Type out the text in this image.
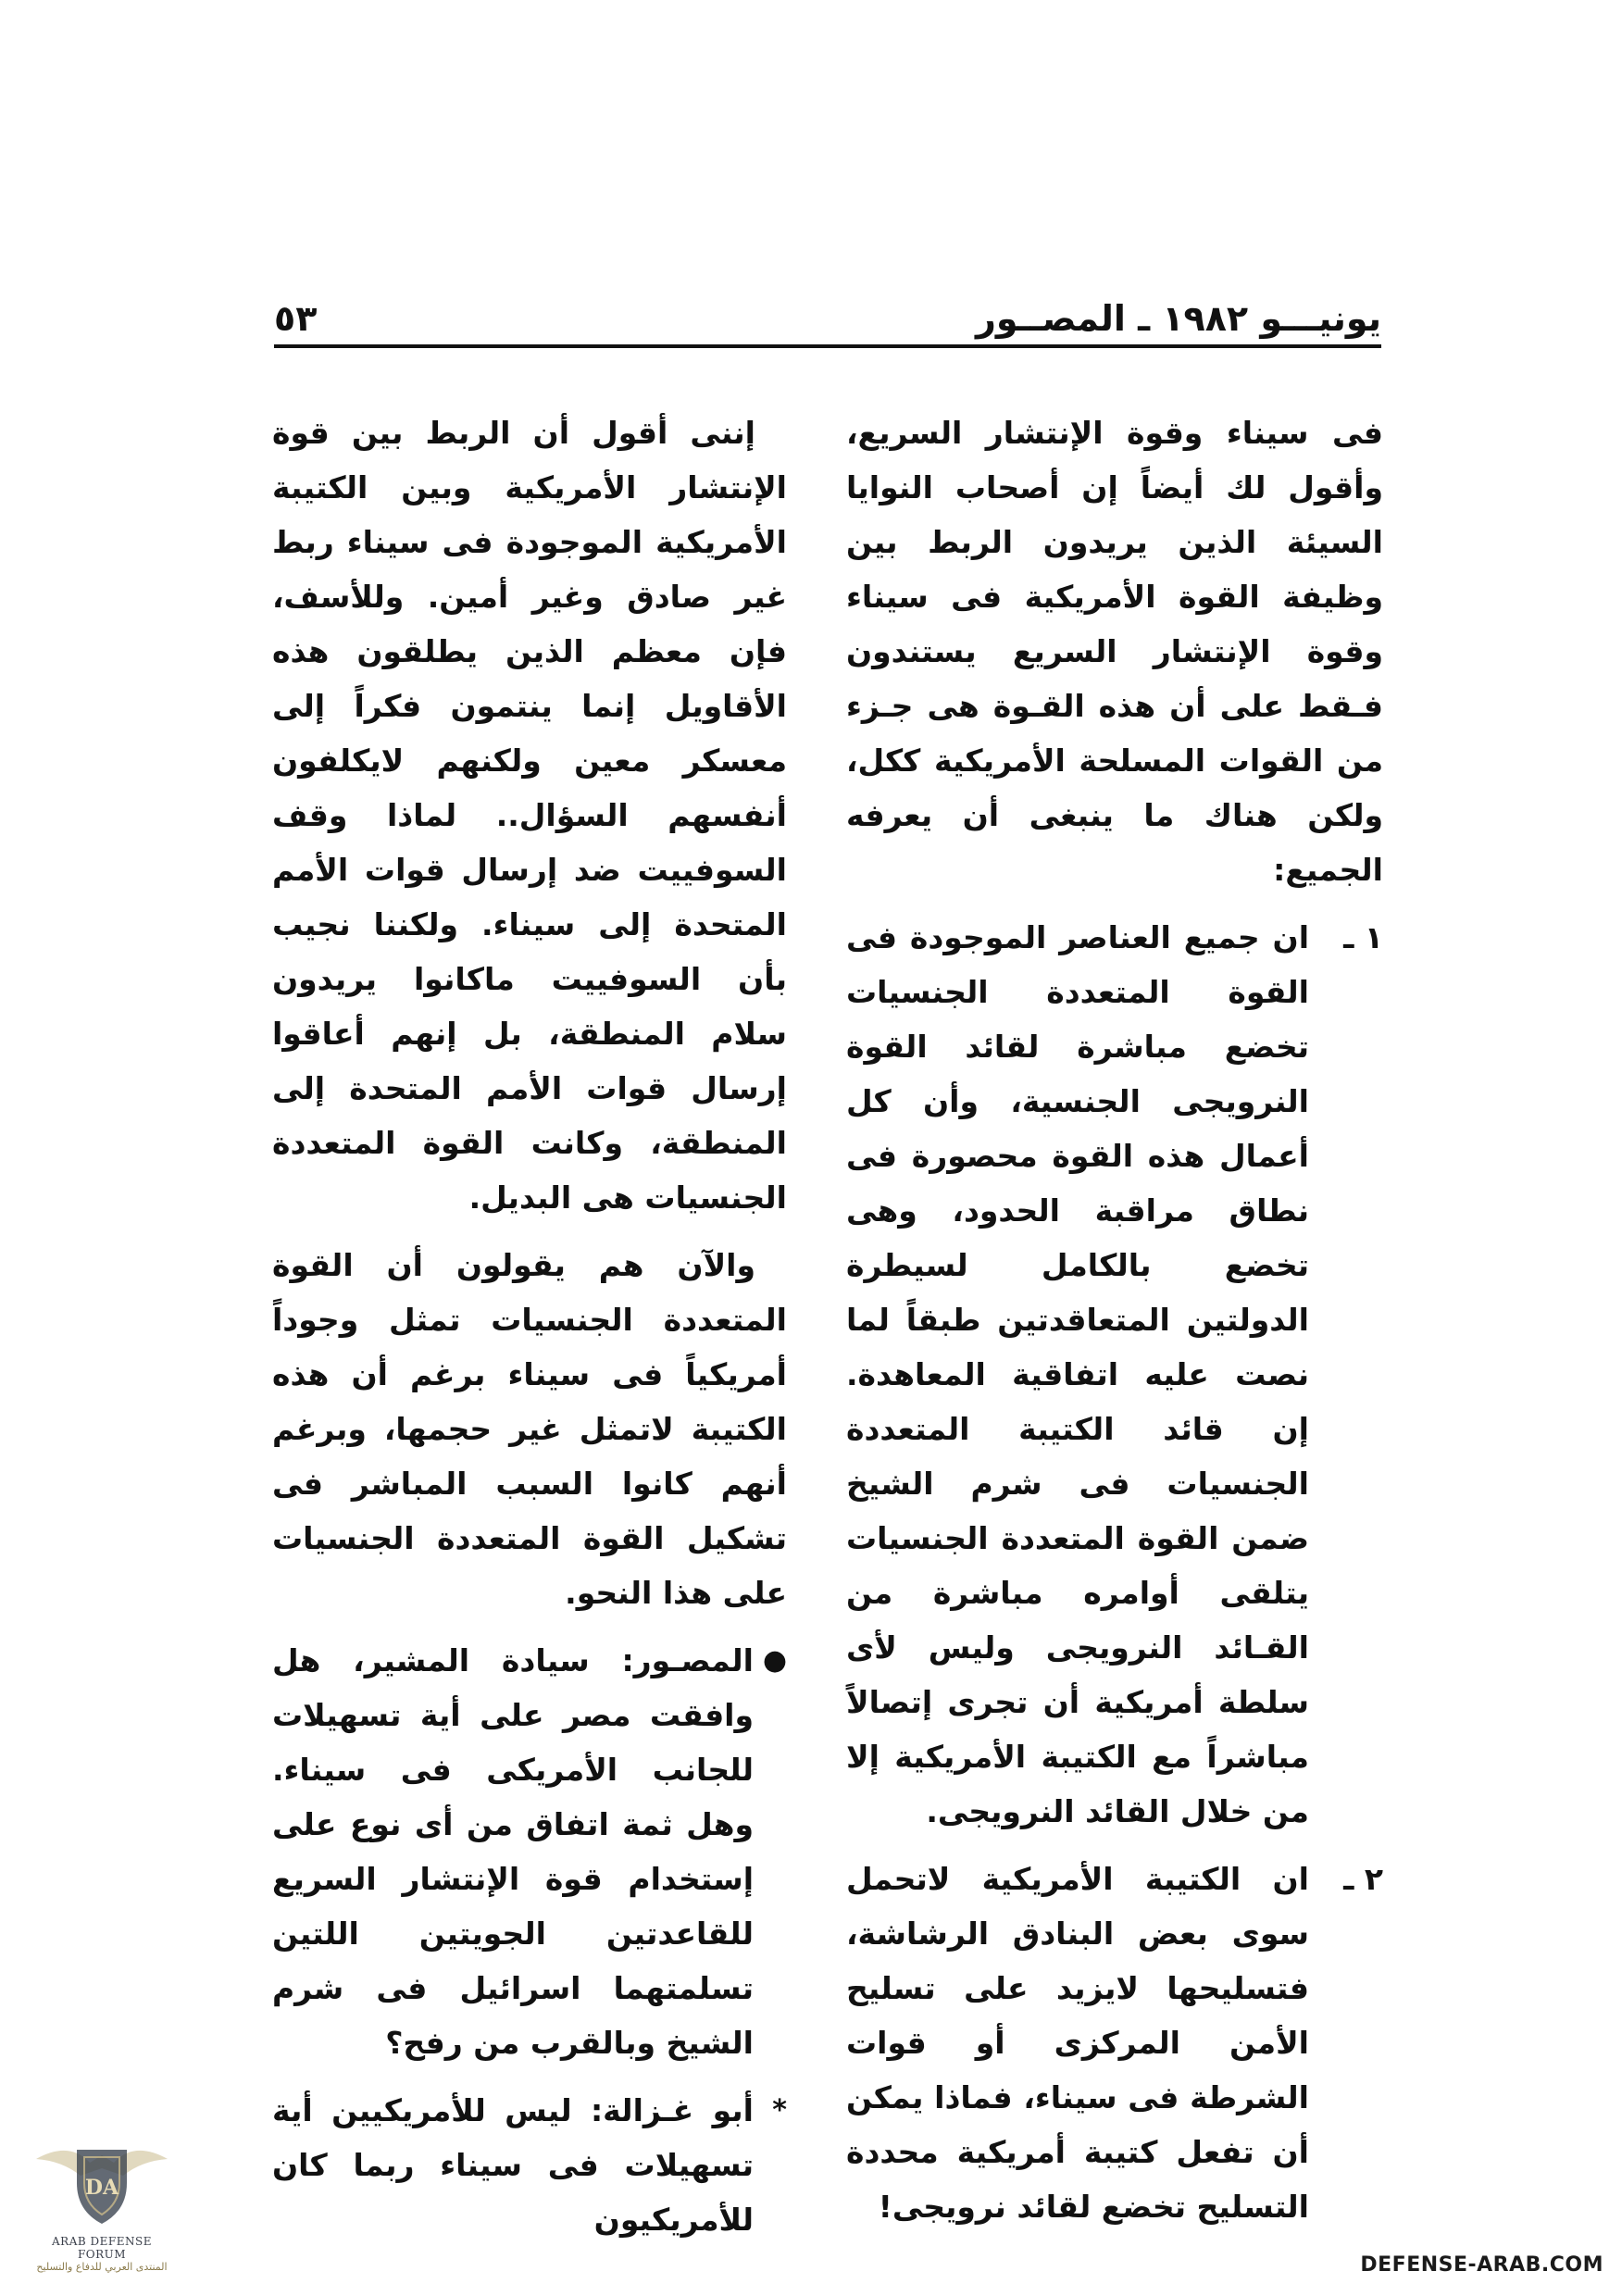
يونيـــو ١٩٨٢ ـ المصــور
٥٣

فى سيناء وقوة الإنتشار السريع، وأقول لك أيضاً إن أصحاب النوايا السيئة الذين يريدون الربط بين وظيفة القوة الأمريكية فى سيناء وقوة الإنتشار السريع يستندون فـقط على أن هذه القـوة هى جـزء من القوات المسلحة الأمريكية ككل، ولكن هناك ما ينبغى أن يعرفه الجميع:

١ ـ
ان جميع العناصر الموجودة فى القوة المتعددة الجنسيات تخضع مباشرة لقائد القوة النرويجى الجنسية، وأن كل أعمال هذه القوة محصورة فى نطاق مراقبة الحدود، وهى تخضع بالكامل لسيطرة الدولتين المتعاقدتين طبقاً لما نصت عليه اتفاقية المعاهدة. إن قائد الكتيبة المتعددة الجنسيات فى شرم الشيخ ضمن القوة المتعددة الجنسيات يتلقى أوامره مباشرة من القـائد النرويجى وليس لأى سلطة أمريكية أن تجرى إتصالاً مباشراً مع الكتيبة الأمريكية إلا من خلال القائد النرويجى.
٢ ـ
ان الكتيبة الأمريكية لاتحمل سوى بعض البنادق الرشاشة، فتسليحها لايزيد على تسليح الأمن المركزى أو قوات الشرطة فى سيناء، فماذا يمكن أن تفعل كتيبة أمريكية محددة التسليح تخضع لقائد نرويجى!

إننى أقول أن الربط بين قوة الإنتشار الأمريكية وبين الكتيبة الأمريكية الموجودة فى سيناء ربط غير صادق وغير أمين. وللأسف، فإن معظم الذين يطلقون هذه الأقاويل إنما ينتمون فكراً إلى معسكر معين ولكنهم لايكلفون أنفسهم السؤال.. لماذا وقف السوفييت ضد إرسال قوات الأمم المتحدة إلى سيناء. ولكننا نجيب بأن السوفييت ماكانوا يريدون سلام المنطقة، بل إنهم أعاقوا إرسال قوات الأمم المتحدة إلى المنطقة، وكانت القوة المتعددة الجنسيات هى البديل.

والآن هم يقولون أن القوة المتعددة الجنسيات تمثل وجوداً أمريكياً فى سيناء برغم أن هذه الكتيبة لاتمثل غير حجمها، وبرغم أنهم كانوا السبب المباشر فى تشكيل القوة المتعددة الجنسيات على هذا النحو.

●
المصـور: سيادة المشير، هل وافقت مصر على أية تسهيلات للجانب الأمريكى فى سيناء. وهل ثمة اتفاق من أى نوع على إستخدام قوة الإنتشار السريع للقاعدتين الجويتين اللتين تسلمتهما اسرائيل فى شرم الشيخ وبالقرب من رفح؟
*
أبو غـزالة: ليس للأمريكيين أية تسهيلات فى سيناء ربما كان للأمريكيون
DA
ARAB DEFENSE FORUM
المنتدى العربي للدفاع والتسليح	DEFENSE-ARAB.COM
